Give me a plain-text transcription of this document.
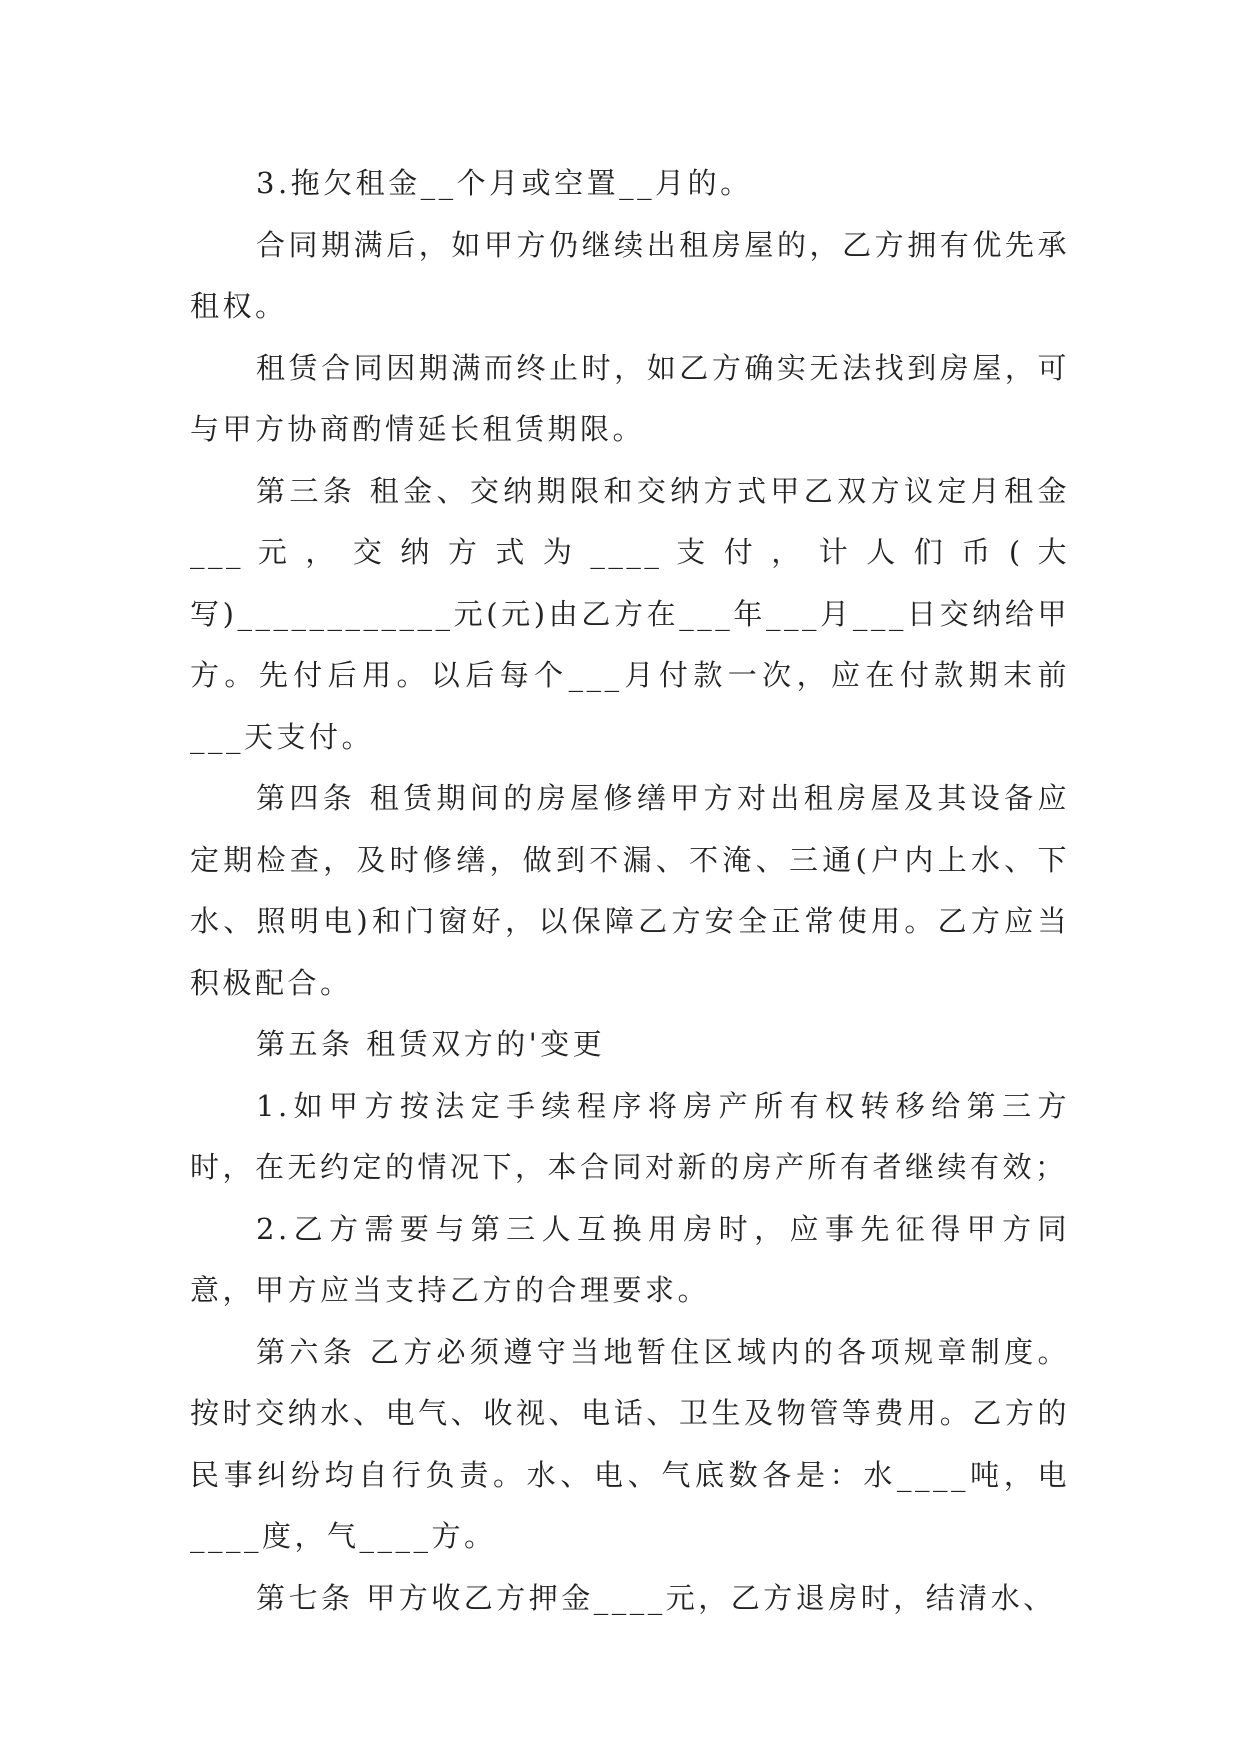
3.拖欠租金__个月或空置__月的。

合同期满后，如甲方仍继续出租房屋的，乙方拥有优先承租权。

租赁合同因期满而终止时，如乙方确实无法找到房屋，可与甲方协商酌情延长租赁期限。

第三条 租金、交纳期限和交纳方式甲乙双方议定月租金 ___ 元 ， 交 纳 方 式 为 ____ 支 付 ， 计 人 们 币 ( 大写)____________元(元)由乙方在___年___月___日交纳给甲方。先付后用。以后每个___月付款一次，应在付款期末前___天支付。

第四条 租赁期间的房屋修缮甲方对出租房屋及其设备应定期检查，及时修缮，做到不漏、不淹、三通(户内上水、下水、照明电)和门窗好，以保障乙方安全正常使用。乙方应当积极配合。

第五条 租赁双方的'变更

1.如甲方按法定手续程序将房产所有权转移给第三方时，在无约定的情况下，本合同对新的房产所有者继续有效；

2.乙方需要与第三人互换用房时，应事先征得甲方同意，甲方应当支持乙方的合理要求。

第六条 乙方必须遵守当地暂住区域内的各项规章制度。按时交纳水、电气、收视、电话、卫生及物管等费用。乙方的民事纠纷均自行负责。水、电、气底数各是：水____吨，电____度，气____方。

第七条 甲方收乙方押金____元，乙方退房时，结清水、
